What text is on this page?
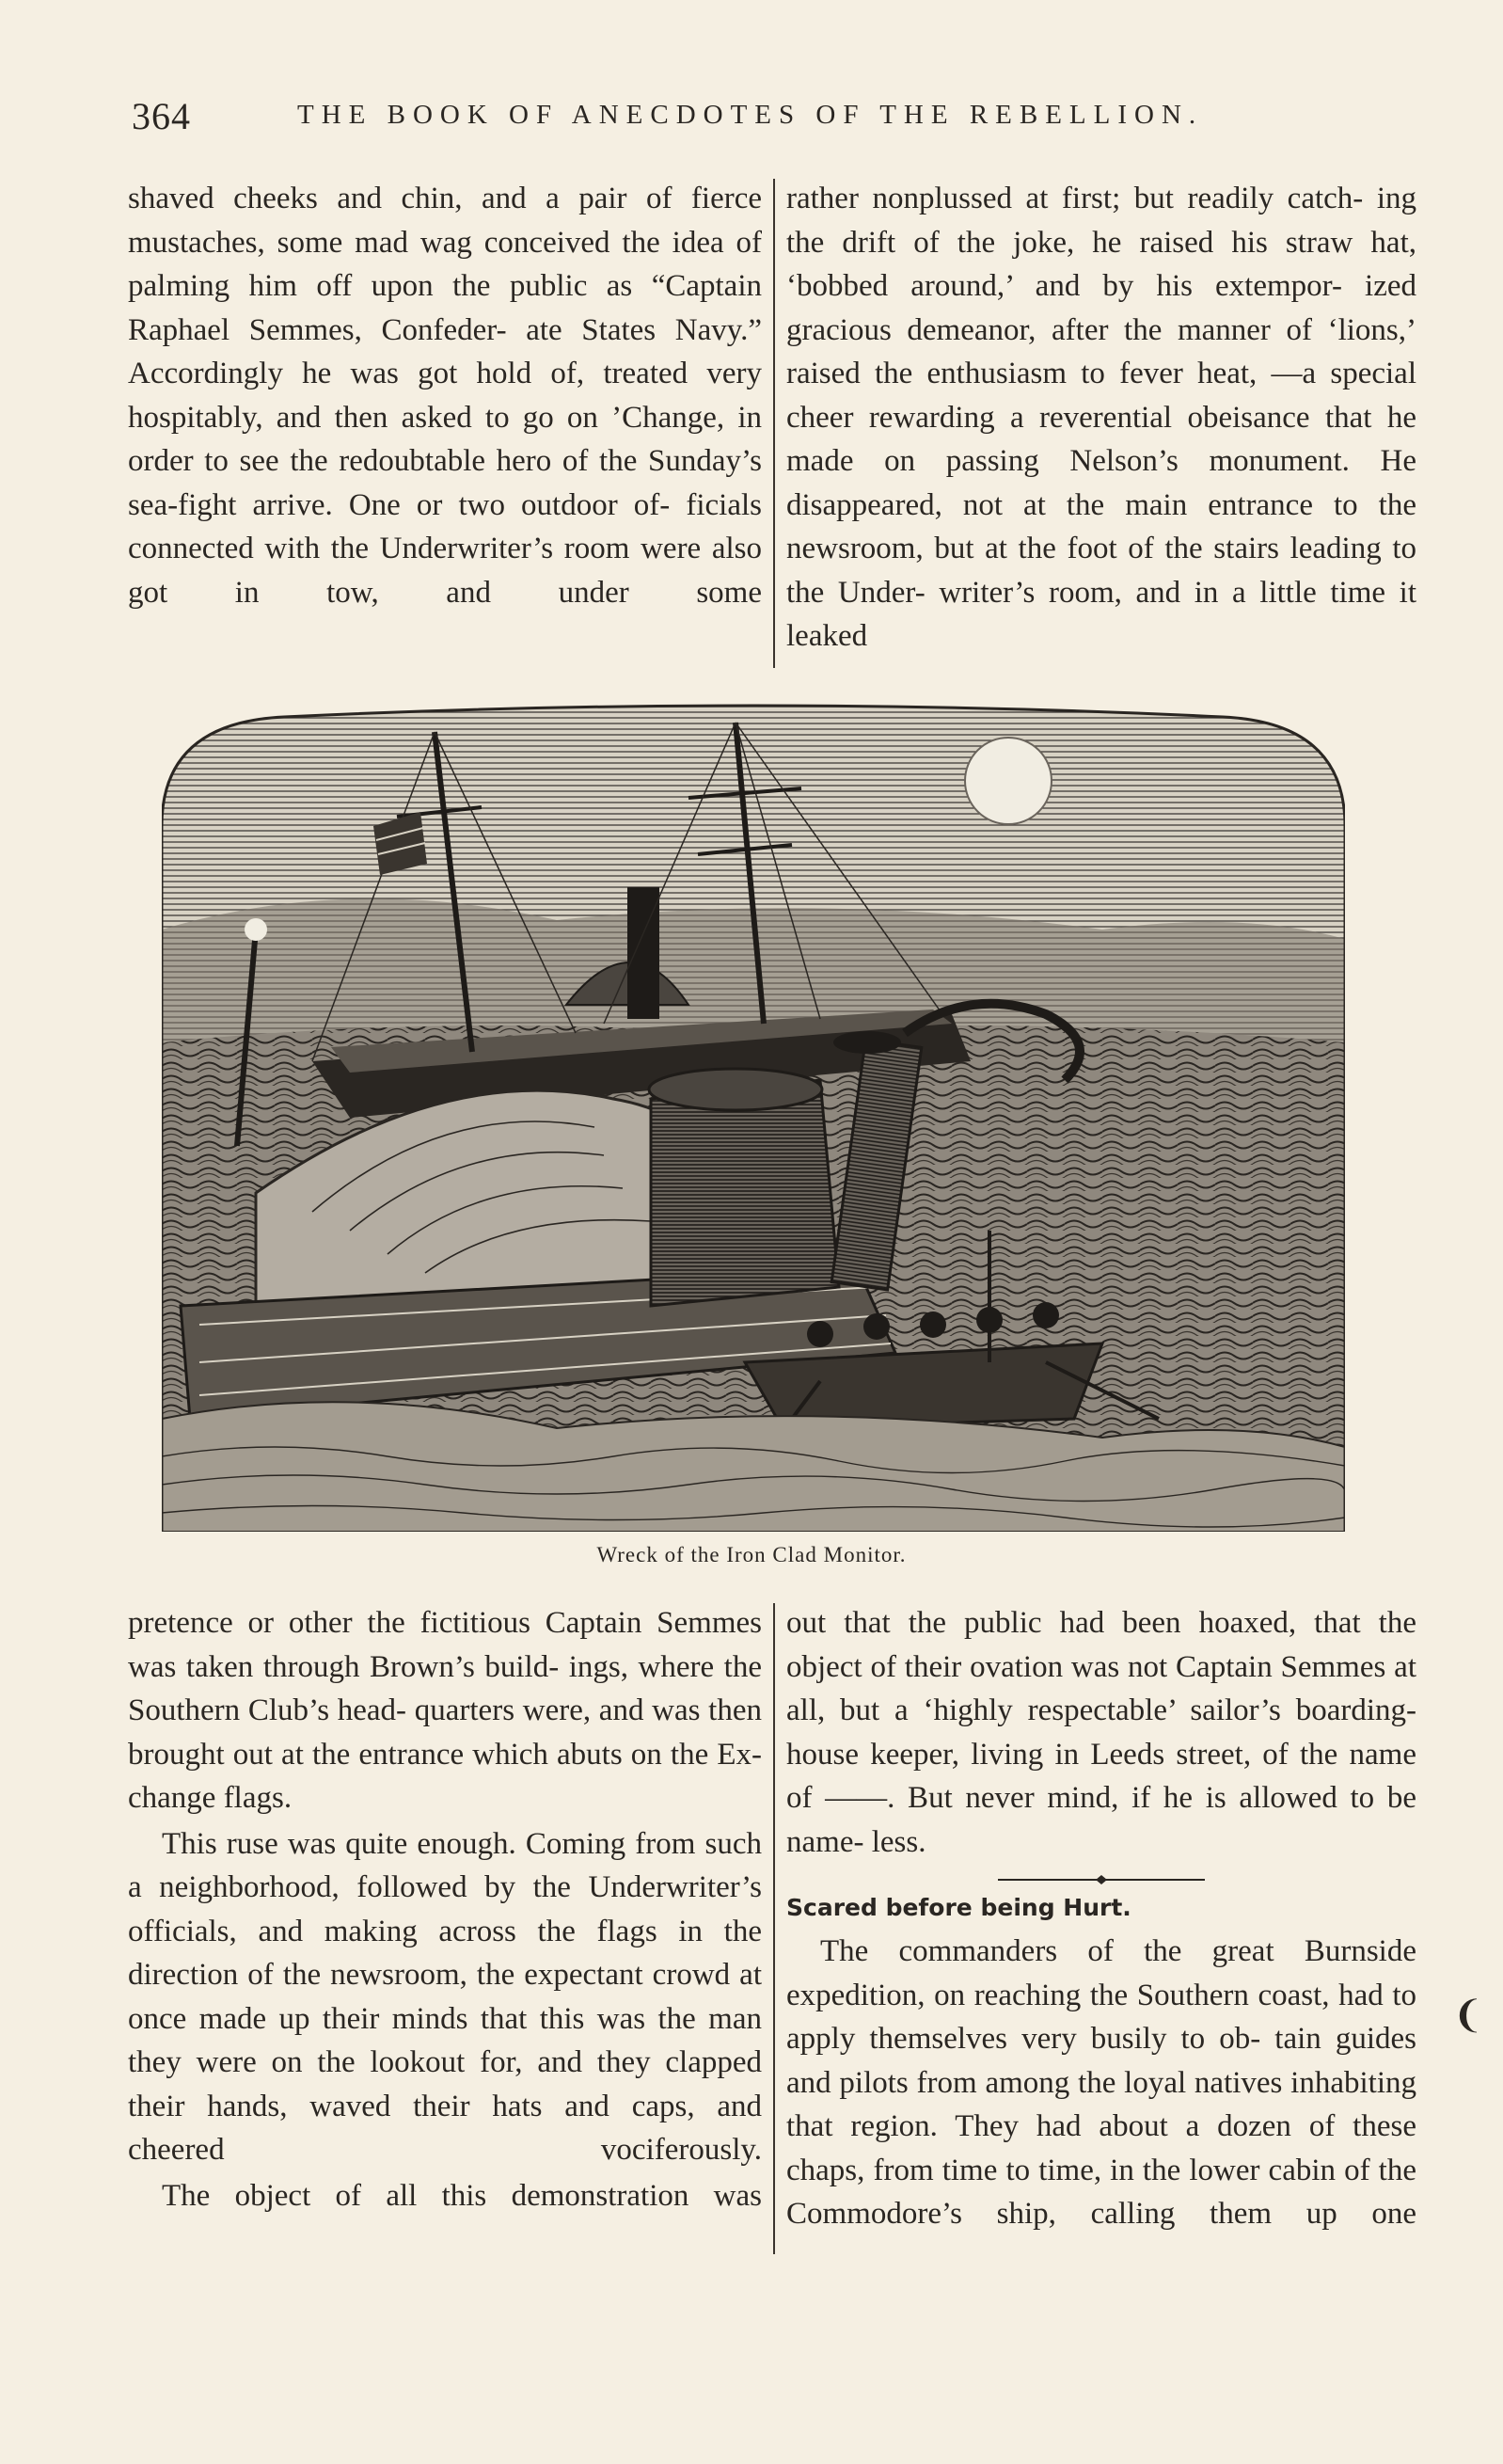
364	THE BOOK OF ANECDOTES OF THE REBELLION.

shaved cheeks and chin, and a pair of fierce mustaches, some mad wag conceived the idea of palming him off upon the public as “Captain Raphael Semmes, Confeder- ate States Navy.” Accordingly he was got hold of, treated very hospitably, and then asked to go on ’Change, in order to see the redoubtable hero of the Sunday’s sea-fight arrive. One or two outdoor of- ficials connected with the Underwriter’s room were also got in tow, and under some

rather nonplussed at first; but readily catch- ing the drift of the joke, he raised his straw hat, ‘bobbed around,’ and by his extempor- ized gracious demeanor, after the manner of ‘lions,’ raised the enthusiasm to fever heat, —a special cheer rewarding a reverential obeisance that he made on passing Nelson’s monument. He disappeared, not at the main entrance to the newsroom, but at the foot of the stairs leading to the Under- writer’s room, and in a little time it leaked

Wreck of the Iron Clad Monitor.

pretence or other the fictitious Captain Semmes was taken through Brown’s build- ings, where the Southern Club’s head- quarters were, and was then brought out at the entrance which abuts on the Ex- change flags.

This ruse was quite enough. Coming from such a neighborhood, followed by the Underwriter’s officials, and making across the flags in the direction of the newsroom, the expectant crowd at once made up their minds that this was the man they were on the lookout for, and they clapped their hands, waved their hats and caps, and cheered vociferously.

The object of all this demonstration was

out that the public had been hoaxed, that the object of their ovation was not Captain Semmes at all, but a ‘highly respectable’ sailor’s boarding-house keeper, living in Leeds street, of the name of ——. But never mind, if he is allowed to be name- less.

Scared before being Hurt.

The commanders of the great Burnside expedition, on reaching the Southern coast, had to apply themselves very busily to ob- tain guides and pilots from among the loyal natives inhabiting that region. They had about a dozen of these chaps, from time to time, in the lower cabin of the Commodore’s ship, calling them up one

❨
